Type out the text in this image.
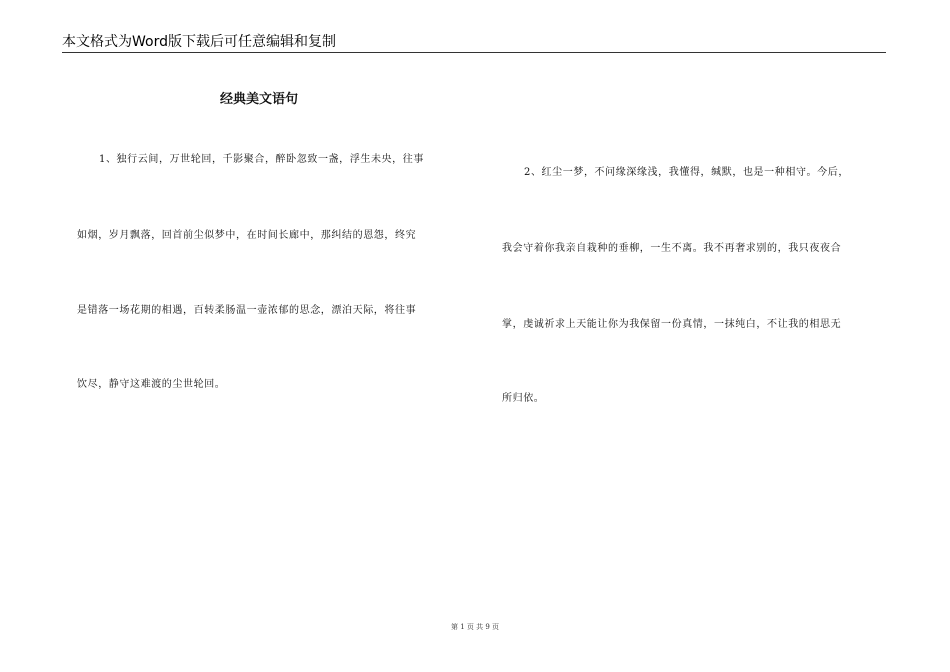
本文格式为Word版下载后可任意编辑和复制
经典美文语句
1、独行云间，万世轮回，千影聚合，醉卧忽致一盏，浮生未央，往事
如烟，岁月飘落，回首前尘似梦中，在时间长廊中，那纠结的恩怨，终究
是错落一场花期的相遇，百转柔肠温一壶浓郁的思念，漂泊天际，将往事
饮尽，静守这难渡的尘世轮回。
2、红尘一梦，不问缘深缘浅，我懂得，缄默，也是一种相守。今后，
我会守着你我亲自栽种的垂柳，一生不离。我不再奢求别的，我只夜夜合
掌，虔诚祈求上天能让你为我保留一份真情，一抹纯白，不让我的相思无
所归依。
第 1 页 共 9 页
